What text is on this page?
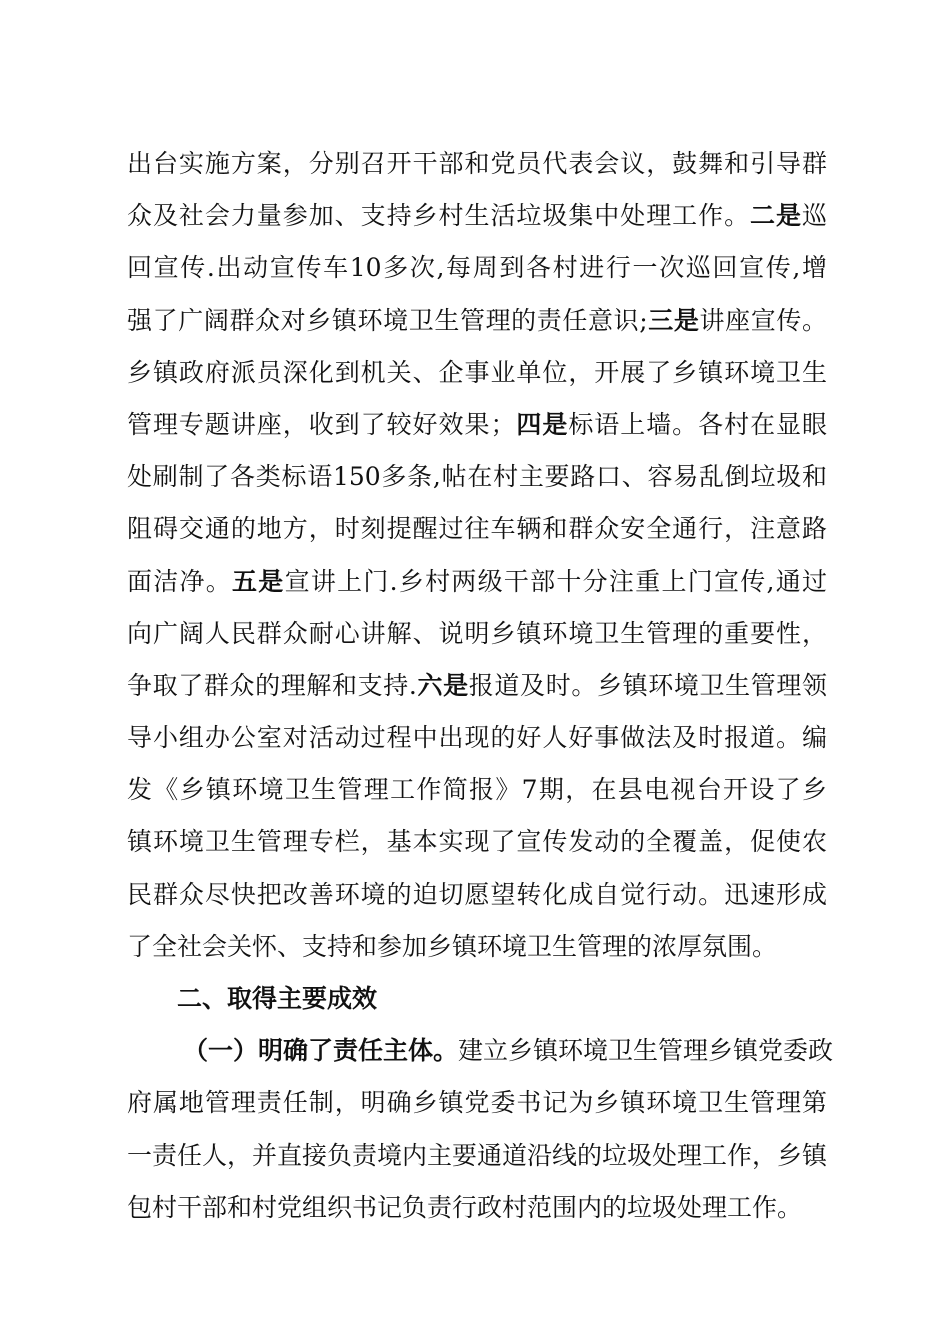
出台实施方案，分别召开干部和党员代表会议，鼓舞和引导群
众及社会力量参加、支持乡村生活垃圾集中处理工作。二是巡
回宣传.出动宣传车10多次,每周到各村进行一次巡回宣传,增
强了广阔群众对乡镇环境卫生管理的责任意识;三是讲座宣传。
乡镇政府派员深化到机关、企事业单位，开展了乡镇环境卫生
管理专题讲座，收到了较好效果；四是标语上墙。各村在显眼
处刷制了各类标语150多条,帖在村主要路口、容易乱倒垃圾和
阻碍交通的地方，时刻提醒过往车辆和群众安全通行，注意路
面洁净。五是宣讲上门.乡村两级干部十分注重上门宣传,通过
向广阔人民群众耐心讲解、说明乡镇环境卫生管理的重要性，
争取了群众的理解和支持.六是报道及时。乡镇环境卫生管理领
导小组办公室对活动过程中出现的好人好事做法及时报道。编
发《乡镇环境卫生管理工作简报》7期，在县电视台开设了乡
镇环境卫生管理专栏，基本实现了宣传发动的全覆盖，促使农
民群众尽快把改善环境的迫切愿望转化成自觉行动。迅速形成
了全社会关怀、支持和参加乡镇环境卫生管理的浓厚氛围。
二、取得主要成效
（一）明确了责任主体。建立乡镇环境卫生管理乡镇党委政
府属地管理责任制，明确乡镇党委书记为乡镇环境卫生管理第
一责任人，并直接负责境内主要通道沿线的垃圾处理工作，乡镇
包村干部和村党组织书记负责行政村范围内的垃圾处理工作。
